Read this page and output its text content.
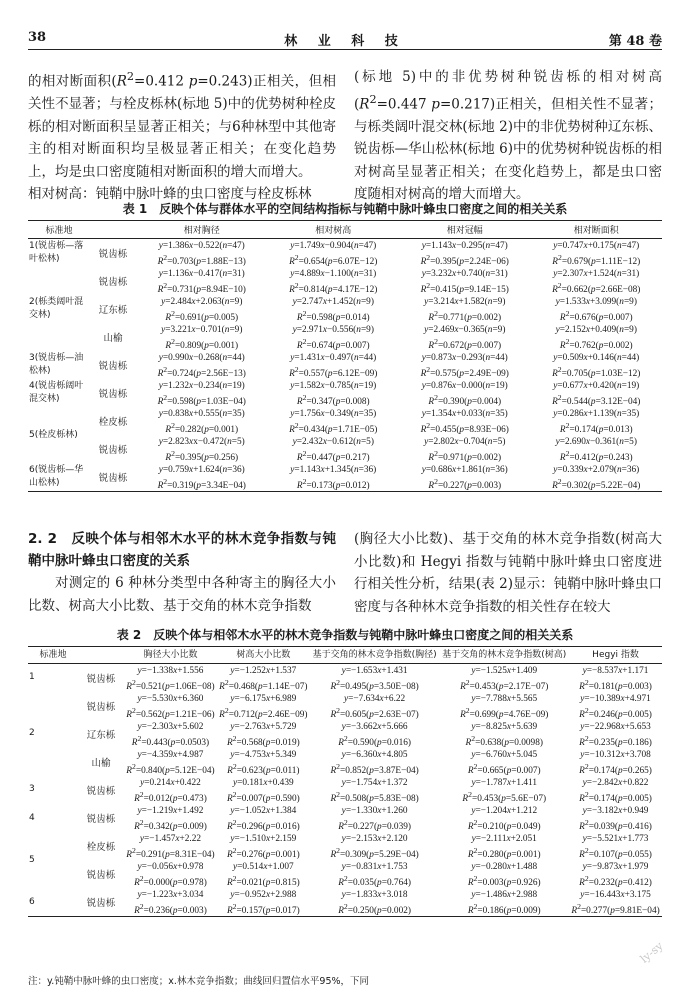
38	林 业 科 技	第 48 卷
的相对断面积($R^2=0.412$ p=0.243)正相关，但相关性不显著；与栓皮栎林(标地 5)中的优势树种栓皮栎的相对断面积呈显著正相关；与6种林型中其他寄主的相对断面积均呈极显著正相关；在变化趋势上，均是虫口密度随相对断面积的增大而增大。
相对树高：钝鞘中脉叶蜂的虫口密度与栓皮栎林
(标地 5)中的非优势树种锐齿栎的相对树高($R^2=0.447$ p=0.217)正相关，但相关性不显著；与栎类阔叶混交林(标地 2)中的非优势树种辽东栎、锐齿栎—华山松林(标地 6)中的优势树种锐齿栎的相对树高呈显著正相关；在变化趋势上，都是虫口密度随相对树高的增大而增大。
表 1　反映个体与群体水平的空间结构指标与钝鞘中脉叶蜂虫口密度之间的相关关系
标准地		相对胸径	相对树高	相对冠幅	相对断面积
1(锐齿栎—落叶松林)	锐齿栎	y=1.386x−0.522(n=47)	y=1.749x−0.904(n=47)	y=1.143x−0.295(n=47)	y=0.747x+0.175(n=47)
		$R^2=0.703(p=1.88E-13)$	$R^2=0.654(p=6.07E-12)$	$R^2=0.395(p=2.24E-06)$	$R^2=0.679(p=1.11E-12)$
2(栎类阔叶混交林)	锐齿栎	y=1.136x−0.417(n=31)	y=4.889x−1.100(n=31)	y=3.232x+0.740(n=31)	y=2.307x+1.524(n=31)
		$R^2=0.731(p=8.94E-10)$	$R^2=0.814(p=4.17E-12)$	$R^2=0.415(p=9.14E-15)$	$R^2=0.662(p=2.66E-08)$
	辽东栎	y=2.484x+2.063(n=9)	y=2.747x+1.452(n=9)	y=3.214x+1.582(n=9)	y=1.533x+3.099(n=9)
		$R^2=0.691(p=0.005)$	$R^2=0.598(p=0.014)$	$R^2=0.771(p=0.002)$	$R^2=0.676(p=0.007)$
	山榆	y=3.221x−0.701(n=9)	y=2.971x−0.556(n=9)	y=2.469x−0.365(n=9)	y=2.152x+0.409(n=9)
		$R^2=0.809(p=0.001)$	$R^2=0.674(p=0.007)$	$R^2=0.672(p=0.007)$	$R^2=0.762(p=0.002)$
3(锐齿栎—油松林)	锐齿栎	y=0.990x−0.268(n=44)	y=1.431x−0.497(n=44)	y=0.873x−0.293(n=44)	y=0.509x+0.146(n=44)
		$R^2=0.724(p=2.56E-13)$	$R^2=0.557(p=6.12E-09)$	$R^2=0.575(p=2.49E-09)$	$R^2=0.705(p=1.03E-12)$
4(锐齿栎阔叶混交林)	锐齿栎	y=1.232x−0.234(n=19)	y=1.582x−0.785(n=19)	y=0.876x−0.000(n=19)	y=0.677x+0.420(n=19)
		$R^2=0.598(p=1.03E-04)$	$R^2=0.347(p=0.008)$	$R^2=0.390(p=0.004)$	$R^2=0.544(p=3.12E-04)$
5(栓皮栎林)	栓皮栎	y=0.838x+0.555(n=35)	y=1.756x−0.349(n=35)	y=1.354x+0.033(n=35)	y=0.286x+1.139(n=35)
		$R^2=0.282(p=0.001)$	$R^2=0.434(p=1.71E-05)$	$R^2=0.455(p=8.93E-06)$	$R^2=0.174(p=0.013)$
	锐齿栎	y=2.823xx−0.472(n=5)	y=2.432x−0.612(n=5)	y=2.802x−0.704(n=5)	y=2.690x−0.361(n=5)
		$R^2=0.395(p=0.256)$	$R^2=0.447(p=0.217)$	$R^2=0.971(p=0.002)$	$R^2=0.412(p=0.243)$
6(锐齿栎—华山松林)	锐齿栎	y=0.759x+1.624(n=36)	y=1.143x+1.345(n=36)	y=0.686x+1.861(n=36)	y=0.339x+2.079(n=36)
		$R^2=0.319(p=3.34E-04)$	$R^2=0.173(p=0.012)$	$R^2=0.227(p=0.003)$	$R^2=0.302(p=5.22E-04)$
2. 2　反映个体与相邻木水平的林木竞争指数与钝鞘中脉叶蜂虫口密度的关系
对测定的 6 种林分类型中各种寄主的胸径大小比数、树高大小比数、基于交角的林木竞争指数
(胸径大小比数)、基于交角的林木竞争指数(树高大小比数)和 Hegyi 指数与钝鞘中脉叶蜂虫口密度进行相关性分析，结果(表 2)显示：钝鞘中脉叶蜂虫口密度与各种林木竞争指数的相关性存在较大
表 2　反映个体与相邻木水平的林木竞争指数与钝鞘中脉叶蜂虫口密度之间的相关关系
标准地		胸径大小比数	树高大小比数	基于交角的林木竞争指数(胸径)	基于交角的林木竞争指数(树高)	Hegyi 指数
1	锐齿栎	y=−1.338x+1.556	y=−1.252x+1.537	y=−1.653x+1.431	y=−1.525x+1.409	y=−8.537x+1.171
		$R^2=0.521(p=1.06E-08)$	$R^2=0.468(p=1.14E-07)$	$R^2=0.495(p=3.50E-08)$	$R^2=0.453(p=2.17E-07)$	$R^2=0.181(p=0.003)$
2	锐齿栎	y=−5.530x+6.360	y=−6.175x+6.989	y=−7.634x+6.22	y=−7.788x+5.565	y=−10.389x+4.971
		$R^2=0.562(p=1.21E-06)$	$R^2=0.712(p=2.46E-09)$	$R^2=0.605(p=2.63E-07)$	$R^2=0.699(p=4.76E-09)$	$R^2=0.246(p=0.005)$
	辽东栎	y=−2.303x+5.602	y=−2.763x+5.729	y=−3.662x+5.666	y=−8.825x+5.639	y=−22.968x+5.653
		$R^2=0.443(p=0.0503)$	$R^2=0.568(p=0.019)$	$R^2=0.590(p=0.016)$	$R^2=0.638(p=0.0098)$	$R^2=0.235(p=0.186)$
	山榆	y=−4.359x+4.987	y=−4.753x+5.349	y=−6.360x+4.805	y=−6.760x+5.045	y=−10.312x+3.708
		$R^2=0.840(p=5.12E-04)$	$R^2=0.623(p=0.011)$	$R^2=0.852(p=3.87E-04)$	$R^2=0.665(p=0.007)$	$R^2=0.174(p=0.265)$
3	锐齿栎	y=0.214x+0.422	y=0.181x+0.439	y=−1.754x+1.372	y=−1.787x+1.411	y=−2.842x+0.822
		$R^2=0.012(p=0.473)$	$R^2=0.007(p=0.590)$	$R^2=0.508(p=5.83E-08)$	$R^2=0.453(p=5.6E-07)$	$R^2=0.174(p=0.005)$
4	锐齿栎	y=−1.219x+1.492	y=−1.052x+1.384	y=−1.330x+1.260	y=−1.204x+1.212	y=−3.182x+0.949
		$R^2=0.342(p=0.009)$	$R^2=0.296(p=0.016)$	$R^2=0.227(p=0.039)$	$R^2=0.210(p=0.049)$	$R^2=0.039(p=0.416)$
5	栓皮栎	y=−1.457x+2.22	y=−1.510x+2.159	y=−2.153x+2.120	y=−2.111x+2.051	y=−5.521x+1.773
		$R^2=0.291(p=8.31E-04)$	$R^2=0.276(p=0.001)$	$R^2=0.309(p=5.29E-04)$	$R^2=0.280(p=0.001)$	$R^2=0.107(p=0.055)$
	锐齿栎	y=−0.056x+0.978	y=0.514x+1.007	y=−0.831x+1.753	y=−0.280x+1.488	y=−9.873x+1.979
		$R^2=0.000(p=0.978)$	$R^2=0.021(p=0.815)$	$R^2=0.035(p=0.764)$	$R^2=0.003(p=0.926)$	$R^2=0.232(p=0.412)$
6	锐齿栎	y=−1.223x+3.034	y=−0.952x+2.988	y=−1.833x+3.018	y=−1.486x+2.988	y=−16.443x+3.175
		$R^2=0.236(p=0.003)$	$R^2=0.157(p=0.017)$	$R^2=0.250(p=0.002)$	$R^2=0.186(p=0.009)$	$R^2=0.277(p=9.81E-04)$
注：y.钝鞘中脉叶蜂的虫口密度；x.林木竞争指数；曲线回归置信水平95%，下同
ly-sy
